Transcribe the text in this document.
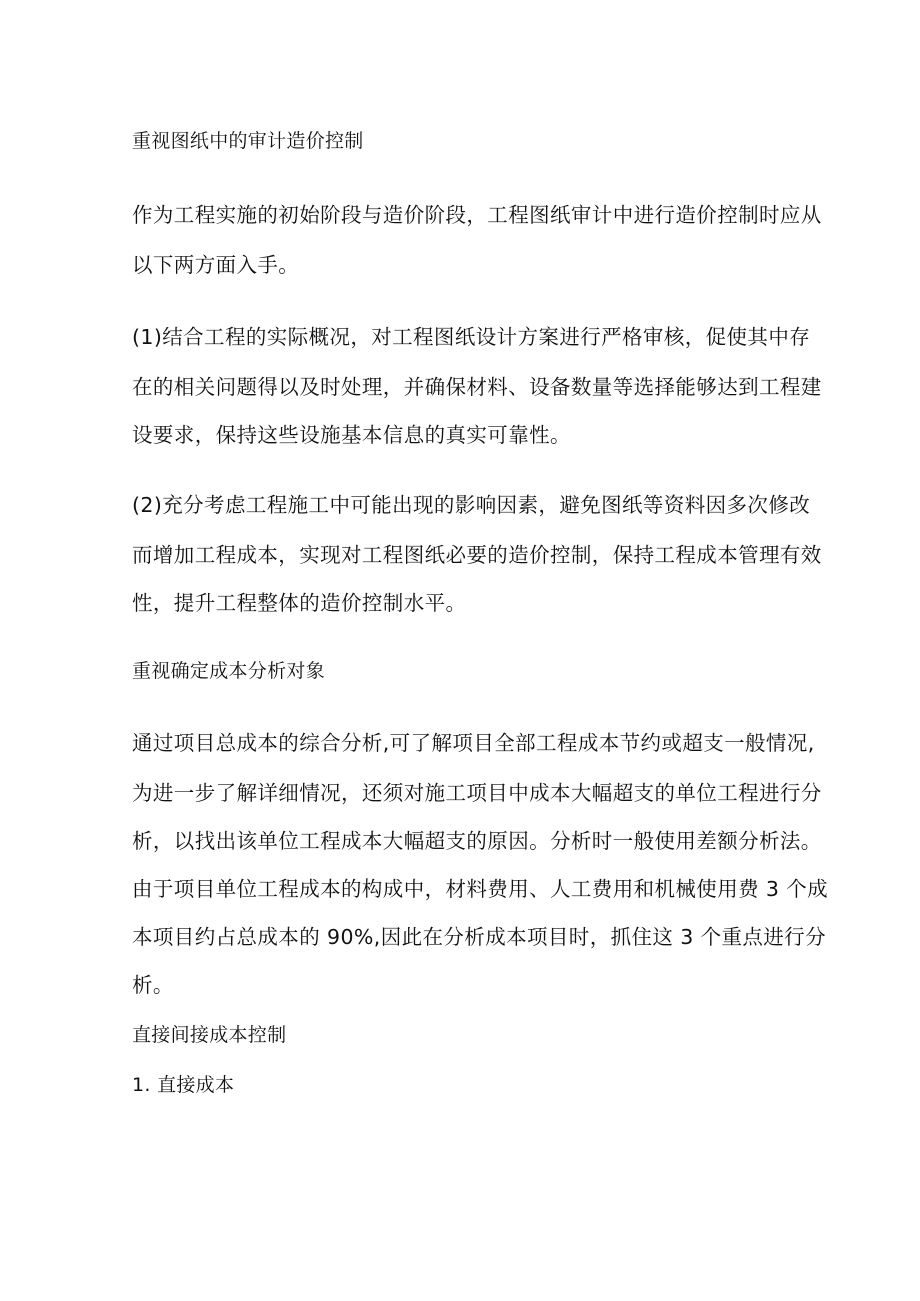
重视图纸中的审计造价控制

作为工程实施的初始阶段与造价阶段，工程图纸审计中进行造价控制时应从

以下两方面入手。

(1)结合工程的实际概况，对工程图纸设计方案进行严格审核，促使其中存

在的相关问题得以及时处理，并确保材料、设备数量等选择能够达到工程建

设要求，保持这些设施基本信息的真实可靠性。

(2)充分考虑工程施工中可能出现的影响因素，避免图纸等资料因多次修改

而增加工程成本，实现对工程图纸必要的造价控制，保持工程成本管理有效

性，提升工程整体的造价控制水平。

重视确定成本分析对象

通过项目总成本的综合分析,可了解项目全部工程成本节约或超支一般情况,

为进一步了解详细情况，还须对施工项目中成本大幅超支的单位工程进行分

析，以找出该单位工程成本大幅超支的原因。分析时一般使用差额分析法。

由于项目单位工程成本的构成中，材料费用、人工费用和机械使用费 3 个成

本项目约占总成本的 90%,因此在分析成本项目时，抓住这 3 个重点进行分

析。

直接间接成本控制

1. 直接成本
